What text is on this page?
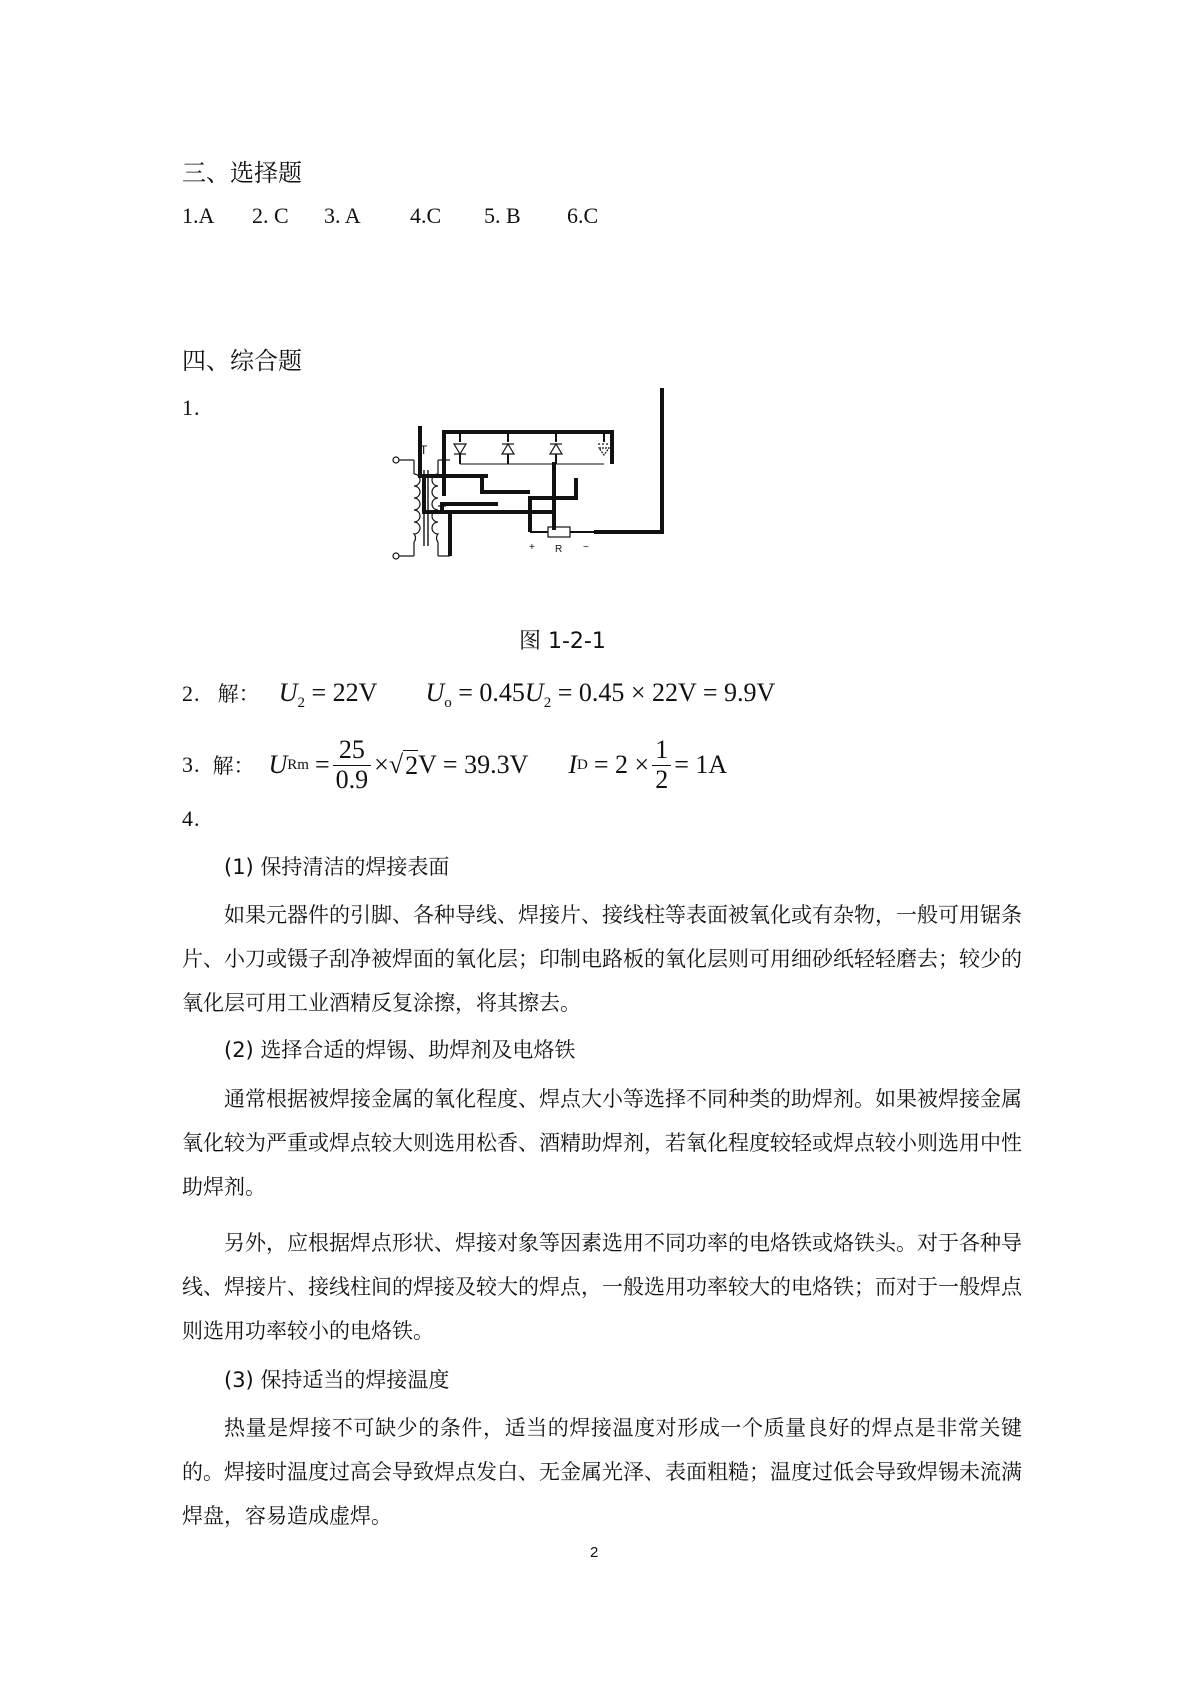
三、选择题
1.A 2. C 3. A 4.C 5. B 6.C
四、综合题
1.
T
+ R −
图 1-2-1
2. 解： $U_2 = 22V$ $U_o = 0.45U_2 = 0.45 \times 22V = 9.9V$
3. 解： U $Rm = \frac{25}{0.9}$ × √ 2 V = 39.3V I $D = 2 \times \frac{1}{2} = 1A$
4.
(1) 保持清洁的焊接表面
如果元器件的引脚、各种导线、焊接片、接线柱等表面被氧化或有杂物，一般可用锯条片、小刀或镊子刮净被焊面的氧化层；印制电路板的氧化层则可用细砂纸轻轻磨去；较少的氧化层可用工业酒精反复涂擦，将其擦去。
(2) 选择合适的焊锡、助焊剂及电烙铁
通常根据被焊接金属的氧化程度、焊点大小等选择不同种类的助焊剂。如果被焊接金属氧化较为严重或焊点较大则选用松香、酒精助焊剂，若氧化程度较轻或焊点较小则选用中性助焊剂。
另外，应根据焊点形状、焊接对象等因素选用不同功率的电烙铁或烙铁头。对于各种导线、焊接片、接线柱间的焊接及较大的焊点，一般选用功率较大的电烙铁；而对于一般焊点则选用功率较小的电烙铁。
(3) 保持适当的焊接温度
热量是焊接不可缺少的条件，适当的焊接温度对形成一个质量良好的焊点是非常关键的。焊接时温度过高会导致焊点发白、无金属光泽、表面粗糙；温度过低会导致焊锡未流满焊盘，容易造成虚焊。
2
